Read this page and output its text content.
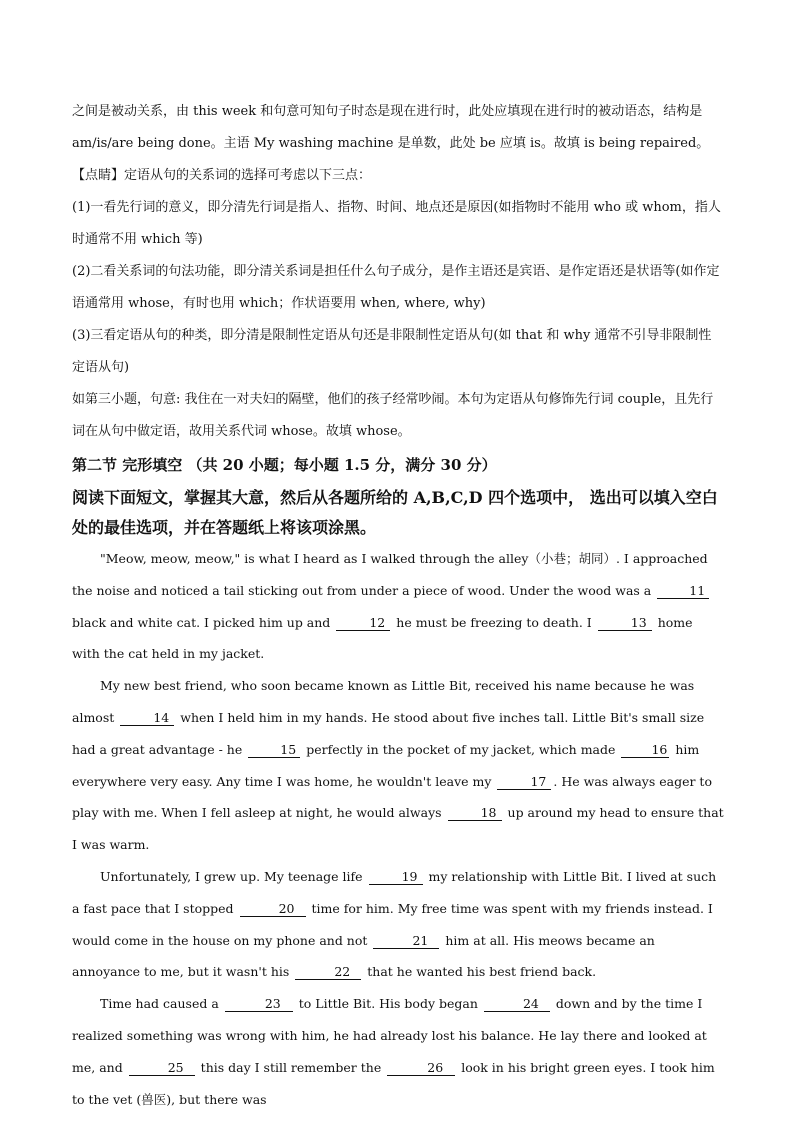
之间是被动关系，由 this week 和句意可知句子时态是现在进行时，此处应填现在进行时的被动语态，结构是 am/is/are being done。主语 My washing machine 是单数，此处 be 应填 is。故填 is being repaired。

【点睛】定语从句的关系词的选择可考虑以下三点：

(1)一看先行词的意义，即分清先行词是指人、指物、时间、地点还是原因(如指物时不能用 who 或 whom，指人时通常不用 which 等)

(2)二看关系词的句法功能，即分清关系词是担任什么句子成分，是作主语还是宾语、是作定语还是状语等(如作定语通常用 whose，有时也用 which；作状语要用 when, where, why)

(3)三看定语从句的种类，即分清是限制性定语从句还是非限制性定语从句(如 that 和 why 通常不引导非限制性定语从句)

如第三小题，句意: 我住在一对夫妇的隔壁，他们的孩子经常吵闹。本句为定语从句修饰先行词 couple，且先行词在从句中做定语，故用关系代词 whose。故填 whose。

第二节 完形填空 （共 20 小题；每小题 1.5 分，满分 30 分）

阅读下面短文，掌握其大意，然后从各题所给的 A,B,C,D 四个选项中， 选出可以填入空白处的最佳选项，并在答题纸上将该项涂黑。

"Meow, meow, meow," is what I heard as I walked through the alley（小巷；胡同）. I approached the noise and noticed a tail sticking out from under a piece of wood. Under the wood was a	11 black and white cat. I picked him up and	12 he must be freezing to death. I	13 home with the cat held in my jacket.

My new best friend, who soon became known as Little Bit, received his name because he was almost	14 when I held him in my hands. He stood about five inches tall. Little Bit's small size had a great advantage - he	15 perfectly in the pocket of my jacket, which made	16 him everywhere very easy. Any time I was home, he wouldn't leave my	17 . He was always eager to play with me. When I fell asleep at night, he would always	18 up around my head to ensure that I was warm.

Unfortunately, I grew up. My teenage life	19 my relationship with Little Bit. I lived at such a fast pace that I stopped	20 time for him. My free time was spent with my friends instead. I would come in the house on my phone and not	21 him at all. His meows became an annoyance to me, but it wasn't his	22 that he wanted his best friend back.

Time had caused a	23 to Little Bit. His body began	24 down and by the time I realized something was wrong with him, he had already lost his balance. He lay there and looked at me, and	25 this day I still remember the	26 look in his bright green eyes. I took him to the vet (兽医), but there was
